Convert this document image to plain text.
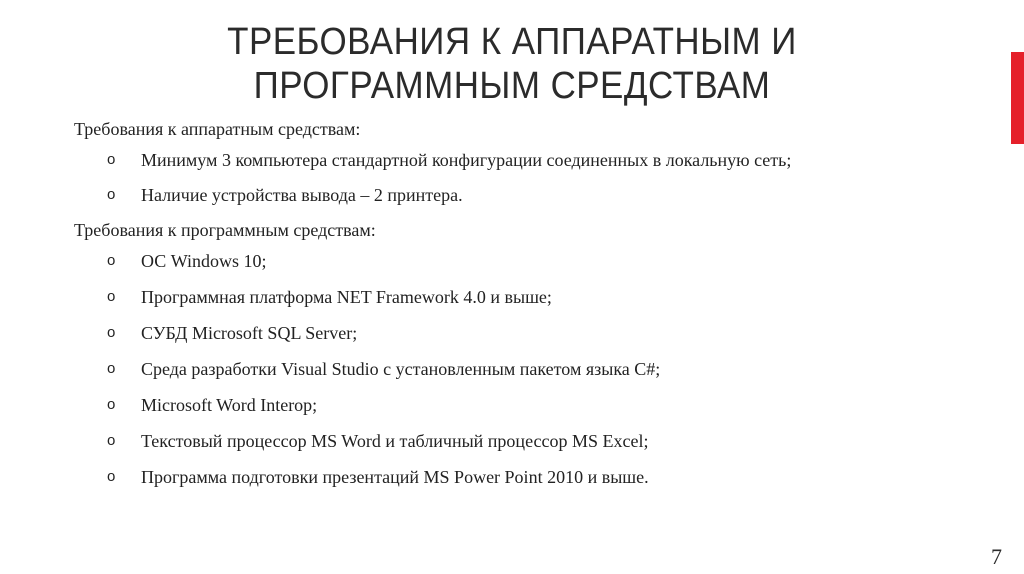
ТРЕБОВАНИЯ К АППАРАТНЫМ И
ПРОГРАММНЫМ СРЕДСТВАМ

Требования к аппаратным средствам:

o Минимум 3 компьютера стандартной конфигурации соединенных в локальную сеть;
o Наличие устройства вывода – 2 принтера.

Требования к программным средствам:

o ОС Windows 10;
o Программная платформа NET Framework 4.0 и выше;
o СУБД Microsoft SQL Server;
o Среда разработки Visual Studio с установленным пакетом языка C#;
o Microsoft Word Interop;
o Текстовый процессор MS Word и табличный процессор MS Excel;
o Программа подготовки презентаций MS Power Point 2010 и выше.
7
